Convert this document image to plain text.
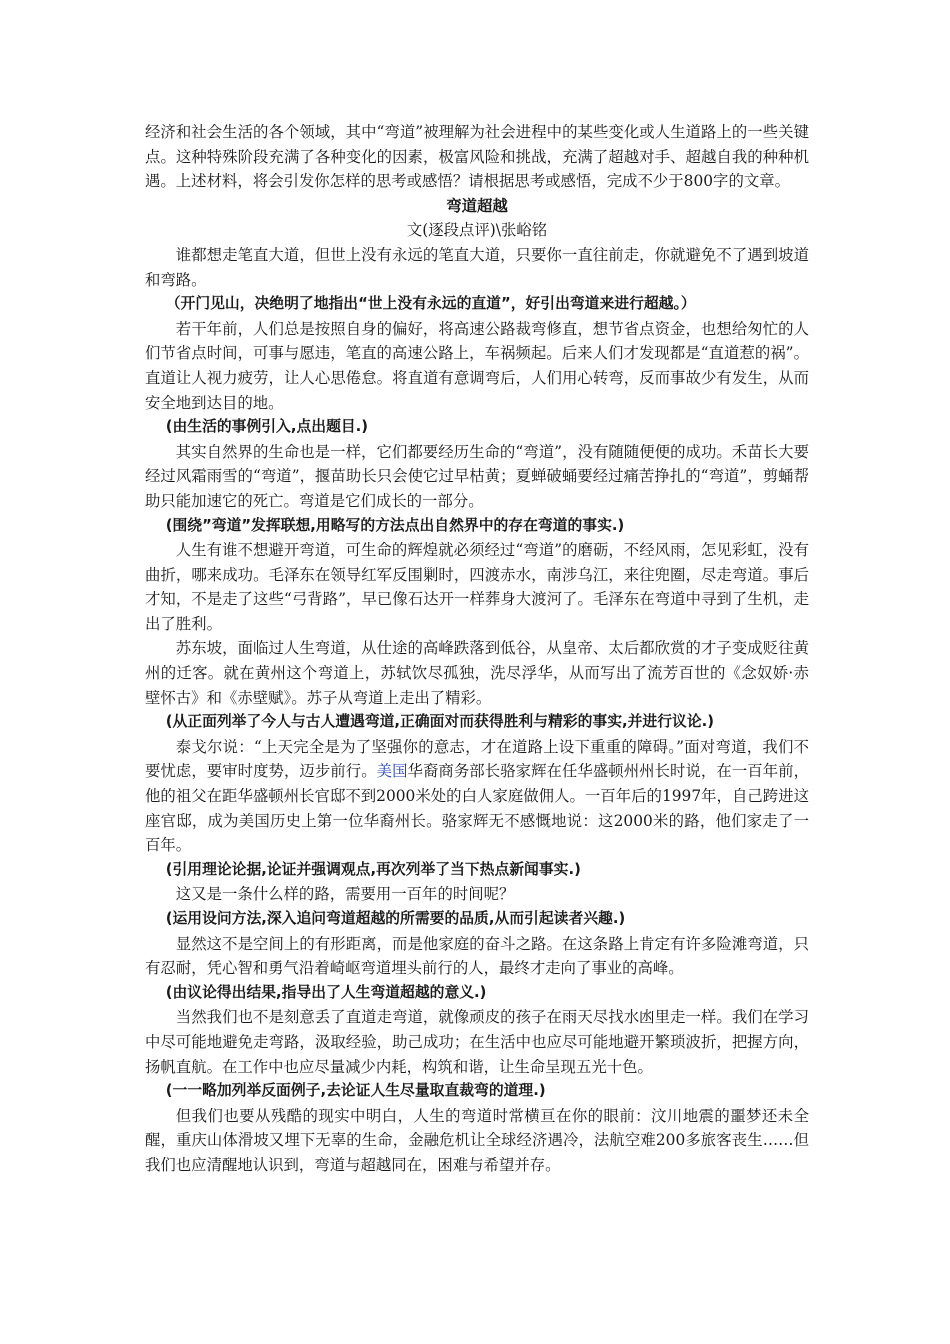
经济和社会生活的各个领域，其中“弯道”被理解为社会进程中的某些变化或人生道路上的一些关键点。这种特殊阶段充满了各种变化的因素，极富风险和挑战，充满了超越对手、超越自我的种种机遇。上述材料，将会引发你怎样的思考或感悟？请根据思考或感悟，完成不少于800字的文章。

弯道超越

文(逐段点评)\张峪铭

谁都想走笔直大道，但世上没有永远的笔直大道，只要你一直往前走，你就避免不了遇到坡道和弯路。

（开门见山，决绝明了地指出“世上没有永远的直道”，好引出弯道来进行超越。）

若干年前，人们总是按照自身的偏好，将高速公路裁弯修直，想节省点资金，也想给匆忙的人们节省点时间，可事与愿违，笔直的高速公路上，车祸频起。后来人们才发现都是“直道惹的祸”。直道让人视力疲劳，让人心思倦怠。将直道有意调弯后，人们用心转弯，反而事故少有发生，从而安全地到达目的地。

(由生活的事例引入,点出题目.)

其实自然界的生命也是一样，它们都要经历生命的“弯道”，没有随随便便的成功。禾苗长大要经过风霜雨雪的“弯道”，揠苗助长只会使它过早枯黄；夏蝉破蛹要经过痛苦挣扎的“弯道”，剪蛹帮助只能加速它的死亡。弯道是它们成长的一部分。

(围绕”弯道”发挥联想,用略写的方法点出自然界中的存在弯道的事实.)

人生有谁不想避开弯道，可生命的辉煌就必须经过“弯道”的磨砺，不经风雨，怎见彩虹，没有曲折，哪来成功。毛泽东在领导红军反围剿时，四渡赤水，南涉乌江，来往兜圈，尽走弯道。事后才知，不是走了这些“弓背路”，早已像石达开一样葬身大渡河了。毛泽东在弯道中寻到了生机，走出了胜利。

苏东坡，面临过人生弯道，从仕途的高峰跌落到低谷，从皇帝、太后都欣赏的才子变成贬往黄州的迁客。就在黄州这个弯道上，苏轼饮尽孤独，洗尽浮华，从而写出了流芳百世的《念奴娇·赤壁怀古》和《赤壁赋》。苏子从弯道上走出了精彩。

(从正面列举了今人与古人遭遇弯道,正确面对而获得胜利与精彩的事实,并进行议论.)

泰戈尔说：“上天完全是为了坚强你的意志，才在道路上设下重重的障碍。”面对弯道，我们不要忧虑，要审时度势，迈步前行。美国华裔商务部长骆家辉在任华盛顿州州长时说，在一百年前，他的祖父在距华盛顿州长官邸不到2000米处的白人家庭做佣人。一百年后的1997年，自己跨进这座官邸，成为美国历史上第一位华裔州长。骆家辉无不感慨地说：这2000米的路，他们家走了一百年。

(引用理论论据,论证并强调观点,再次列举了当下热点新闻事实.)

这又是一条什么样的路，需要用一百年的时间呢？

(运用设问方法,深入追问弯道超越的所需要的品质,从而引起读者兴趣.)

显然这不是空间上的有形距离，而是他家庭的奋斗之路。在这条路上肯定有许多险滩弯道，只有忍耐，凭心智和勇气沿着崎岖弯道埋头前行的人，最终才走向了事业的高峰。

(由议论得出结果,指导出了人生弯道超越的意义.)

当然我们也不是刻意丢了直道走弯道，就像顽皮的孩子在雨天尽找水凼里走一样。我们在学习中尽可能地避免走弯路，汲取经验，助己成功；在生活中也应尽可能地避开繁琐波折，把握方向，扬帆直航。在工作中也应尽量减少内耗，构筑和谐，让生命呈现五光十色。

(一一略加列举反面例子,去论证人生尽量取直裁弯的道理.)

但我们也要从残酷的现实中明白，人生的弯道时常横亘在你的眼前：汶川地震的噩梦还未全醒，重庆山体滑坡又埋下无辜的生命，金融危机让全球经济遇冷，法航空难200多旅客丧生……但我们也应清醒地认识到，弯道与超越同在，困难与希望并存。
